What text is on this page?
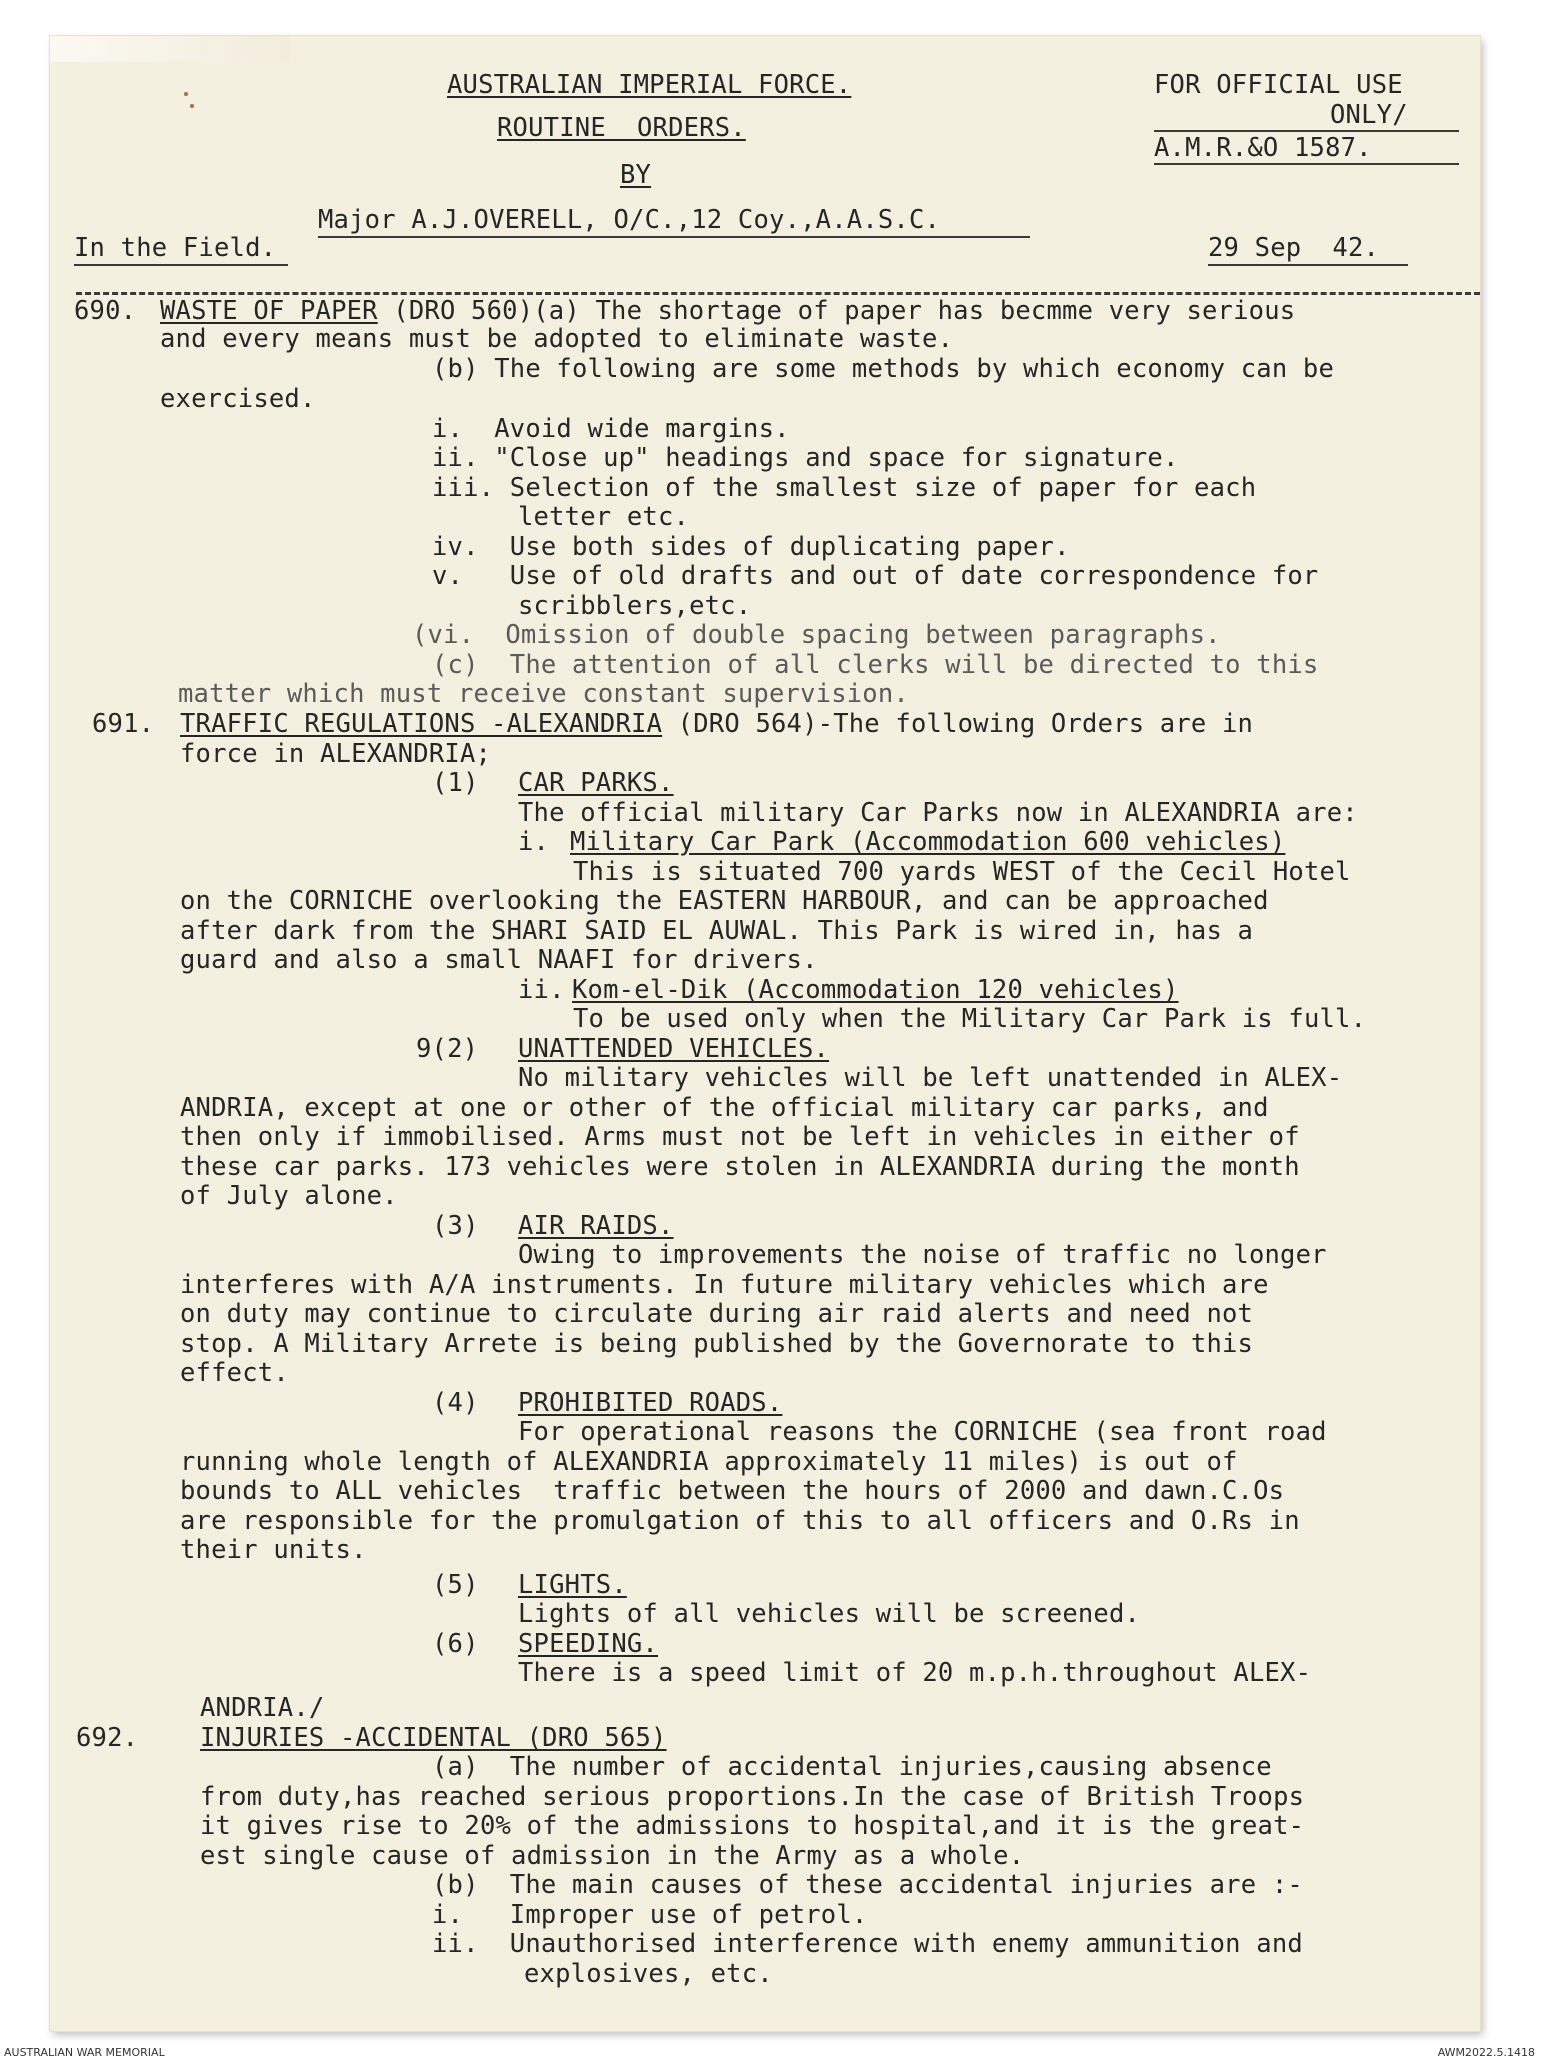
AUSTRALIAN IMPERIAL FORCE.

ROUTINE  ORDERS.

BY

Major A.J.OVERELL, O/C.,12 Coy.,A.A.S.C.

In the Field.

FOR OFFICIAL USE

ONLY/

A.M.R.&O 1587.

29 Sep  42.

690. WASTE OF PAPER (DRO 560)(a) The shortage of paper has becmme very serious

and every means must be adopted to eliminate waste.

(b) The following are some methods by which economy can be

exercised.

i.  Avoid wide margins.

ii. "Close up" headings and space for signature.

iii. Selection of the smallest size of paper for each

letter etc.

iv.  Use both sides of duplicating paper.

v.   Use of old drafts and out of date correspondence for

scribblers,etc.

(vi.  Omission of double spacing between paragraphs.

(c)  The attention of all clerks will be directed to this

matter which must receive constant supervision.

691. TRAFFIC REGULATIONS -ALEXANDRIA (DRO 564)-The following Orders are in

force in ALEXANDRIA;

(1) CAR PARKS.

The official military Car Parks now in ALEXANDRIA are:

i. Military Car Park (Accommodation 600 vehicles)

This is situated 700 yards WEST of the Cecil Hotel

on the CORNICHE overlooking the EASTERN HARBOUR, and can be approached

after dark from the SHARI SAID EL AUWAL. This Park is wired in, has a

guard and also a small NAAFI for drivers.

ii. Kom-el-Dik (Accommodation 120 vehicles)

To be used only when the Military Car Park is full.

9(2) UNATTENDED VEHICLES.

No military vehicles will be left unattended in ALEX-

ANDRIA, except at one or other of the official military car parks, and

then only if immobilised. Arms must not be left in vehicles in either of

these car parks. 173 vehicles were stolen in ALEXANDRIA during the month

of July alone.

(3) AIR RAIDS.

Owing to improvements the noise of traffic no longer

interferes with A/A instruments. In future military vehicles which are

on duty may continue to circulate during air raid alerts and need not

stop. A Military Arrete is being published by the Governorate to this

effect.

(4) PROHIBITED ROADS.

For operational reasons the CORNICHE (sea front road

running whole length of ALEXANDRIA approximately 11 miles) is out of

bounds to ALL vehicles  traffic between the hours of 2000 and dawn.C.Os

are responsible for the promulgation of this to all officers and O.Rs in

their units.

(5) LIGHTS.

Lights of all vehicles will be screened.

(6) SPEEDING.

There is a speed limit of 20 m.p.h.throughout ALEX-

ANDRIA./

692. INJURIES -ACCIDENTAL (DRO 565)

(a)  The number of accidental injuries,causing absence

from duty,has reached serious proportions.In the case of British Troops

it gives rise to 20% of the admissions to hospital,and it is the great-

est single cause of admission in the Army as a whole.

(b)  The main causes of these accidental injuries are :-

i.   Improper use of petrol.

ii.  Unauthorised interference with enemy ammunition and

explosives, etc.

AUSTRALIAN WAR MEMORIAL	AWM2022.5.1418
